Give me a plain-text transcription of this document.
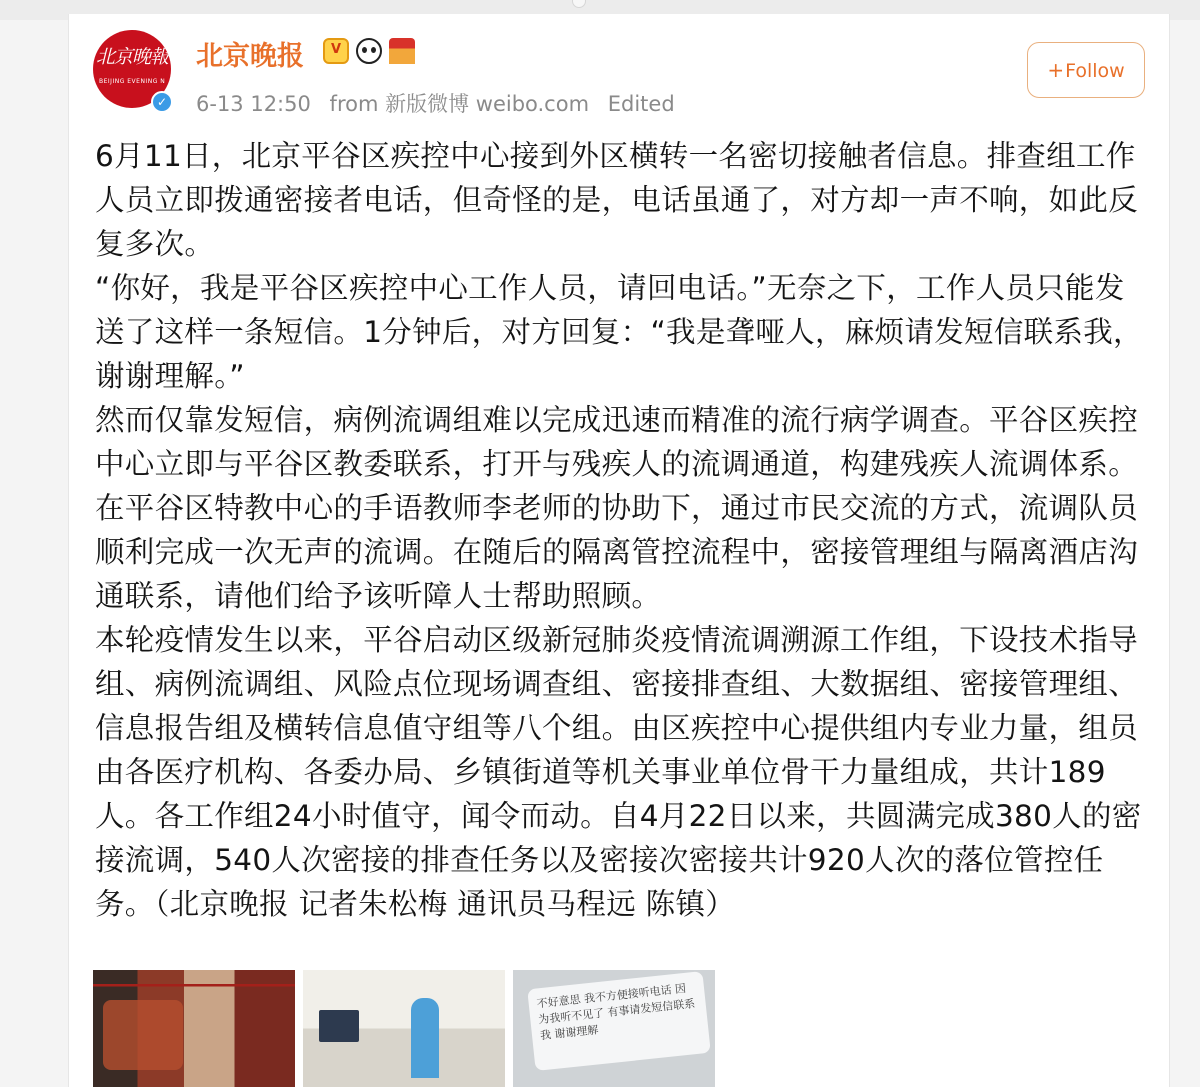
北京晚報
BEIJING EVENING N
✓
北京晚报
V
6-13 12:50 from 新版微博 weibo.com Edited
+Follow
6月11日，北京平谷区疾控中心接到外区横转一名密切接触者信息。排查组工作人员立即拨通密接者电话，但奇怪的是，电话虽通了，对方却一声不响，如此反复多次。
“你好，我是平谷区疾控中心工作人员，请回电话。”无奈之下，工作人员只能发送了这样一条短信。1分钟后，对方回复：“我是聋哑人，麻烦请发短信联系我，谢谢理解。”
然而仅靠发短信，病例流调组难以完成迅速而精准的流行病学调查。平谷区疾控中心立即与平谷区教委联系，打开与残疾人的流调通道，构建残疾人流调体系。在平谷区特教中心的手语教师李老师的协助下，通过市民交流的方式，流调队员顺利完成一次无声的流调。在随后的隔离管控流程中，密接管理组与隔离酒店沟通联系，请他们给予该听障人士帮助照顾。
本轮疫情发生以来，平谷启动区级新冠肺炎疫情流调溯源工作组，下设技术指导组、病例流调组、风险点位现场调查组、密接排查组、大数据组、密接管理组、信息报告组及横转信息值守组等八个组。由区疾控中心提供组内专业力量，组员由各医疗机构、各委办局、乡镇街道等机关事业单位骨干力量组成，共计189人。各工作组24小时值守，闻令而动。自4月22日以来，共圆满完成380人的密接流调，540人次密接的排查任务以及密接次密接共计920人次的落位管控任务。（北京晚报 记者朱松梅 通讯员马程远 陈镇）
不好意思 我不方便接听电话 因为我听不见了 有事请发短信联系我 谢谢理解
